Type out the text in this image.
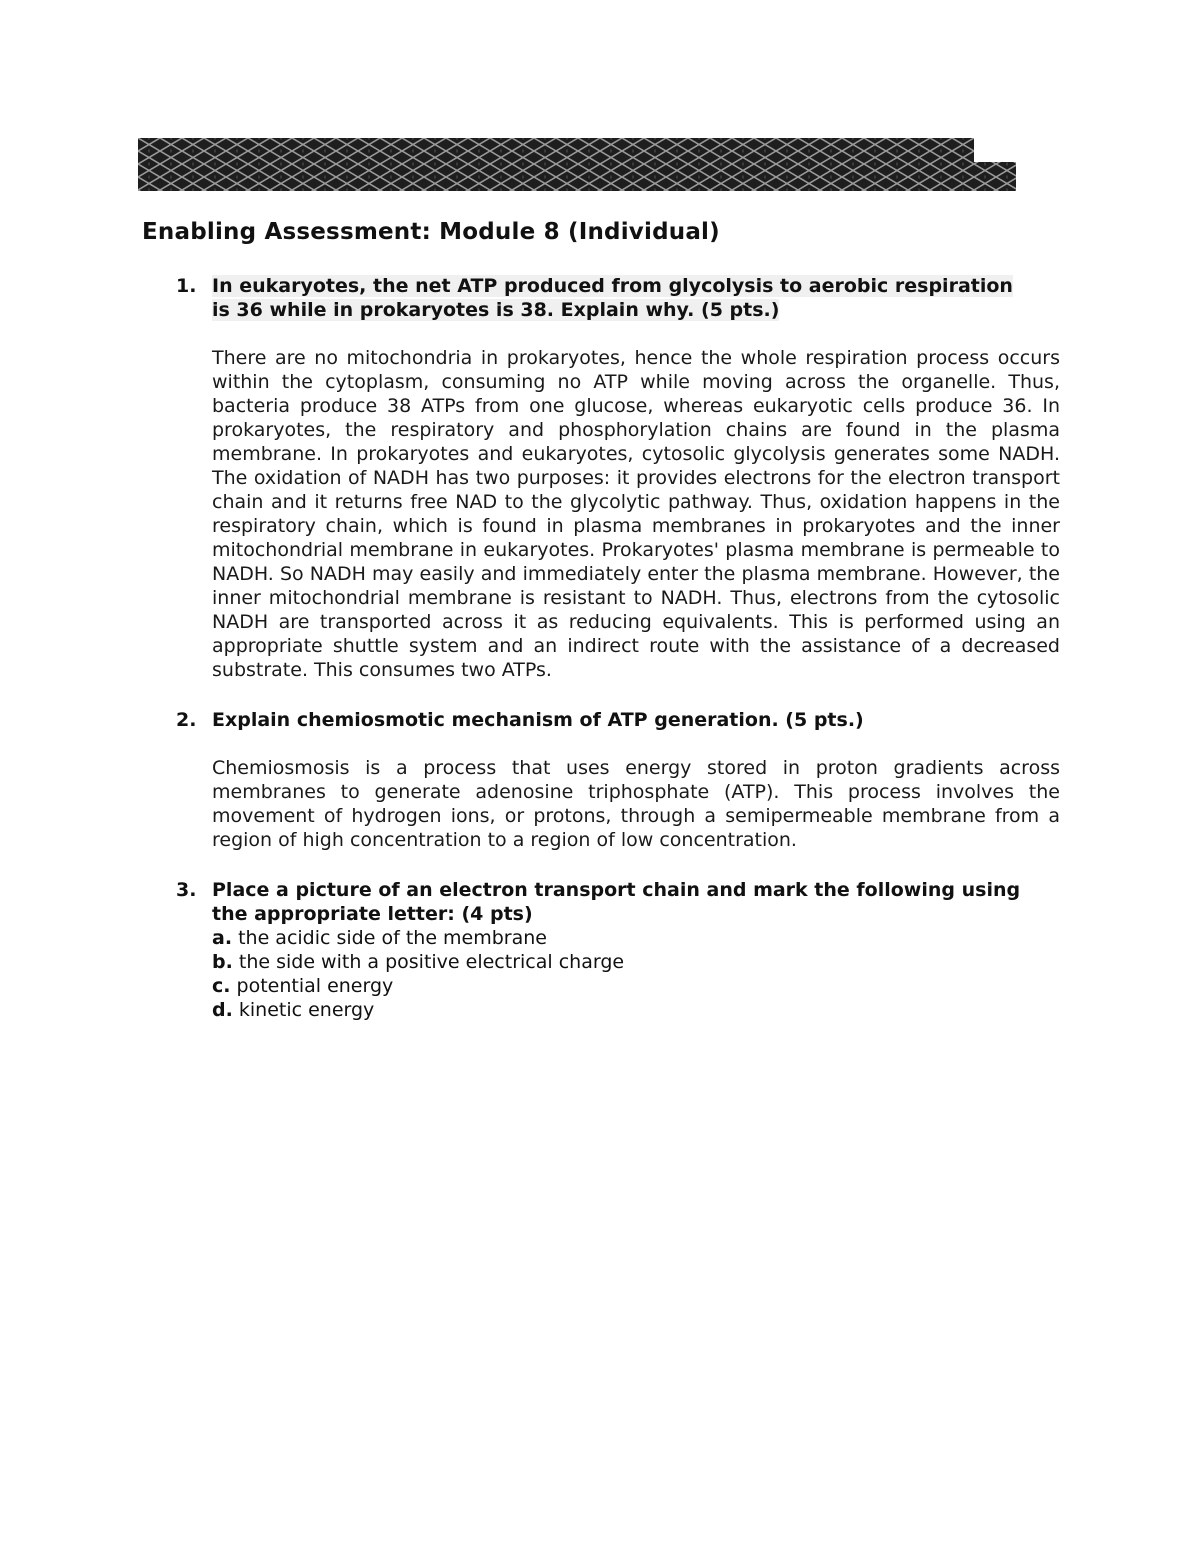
Enabling Assessment: Module 8 (Individual)
1. In eukaryotes, the net ATP produced from glycolysis to aerobic respiration
is 36 while in prokaryotes is 38. Explain why. (5 pts.)

There are no mitochondria in prokaryotes, hence the whole respiration process occurs within the cytoplasm, consuming no ATP while moving across the organelle. Thus, bacteria produce 38 ATPs from one glucose, whereas eukaryotic cells produce 36. In prokaryotes, the respiratory and phosphorylation chains are found in the plasma membrane. In prokaryotes and eukaryotes, cytosolic glycolysis generates some NADH. The oxidation of NADH has two purposes: it provides electrons for the electron transport chain and it returns free NAD to the glycolytic pathway. Thus, oxidation happens in the respiratory chain, which is found in plasma membranes in prokaryotes and the inner mitochondrial membrane in eukaryotes. Prokaryotes' plasma membrane is permeable to NADH. So NADH may easily and immediately enter the plasma membrane. However, the inner mitochondrial membrane is resistant to NADH. Thus, electrons from the cytosolic NADH are transported across it as reducing equivalents. This is performed using an appropriate shuttle system and an indirect route with the assistance of a decreased substrate. This consumes two ATPs.

2. Explain chemiosmotic mechanism of ATP generation. (5 pts.)

Chemiosmosis is a process that uses energy stored in proton gradients across membranes to generate adenosine triphosphate (ATP). This process involves the movement of hydrogen ions, or protons, through a semipermeable membrane from a region of high concentration to a region of low concentration.

3. Place a picture of an electron transport chain and mark the following using
the appropriate letter: (4 pts)

a. the acidic side of the membrane
b. the side with a positive electrical charge
c. potential energy
d. kinetic energy
